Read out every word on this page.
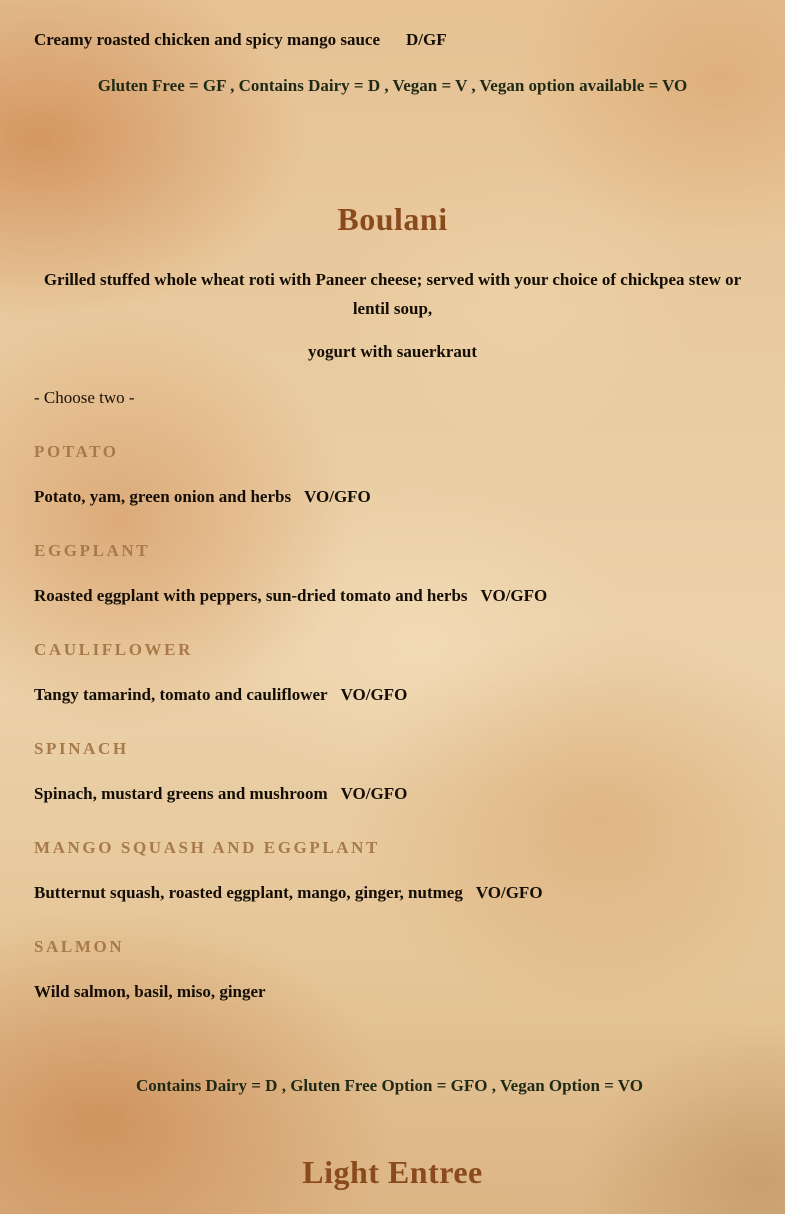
Creamy roasted chicken and spicy mango sauce D/GF

Gluten Free = GF , Contains Dairy = D , Vegan = V , Vegan option available = VO

Boulani

Grilled stuffed whole wheat roti with Paneer cheese; served with your choice of chickpea stew or lentil soup,

yogurt with sauerkraut

- Choose two -

POTATO

Potato, yam, green onion and herbs VO/GFO

EGGPLANT

Roasted eggplant with peppers, sun-dried tomato and herbs VO/GFO

CAULIFLOWER

Tangy tamarind, tomato and cauliflower VO/GFO

SPINACH

Spinach, mustard greens and mushroom VO/GFO

MANGO SQUASH AND EGGPLANT

Butternut squash, roasted eggplant, mango, ginger, nutmeg VO/GFO

SALMON

Wild salmon, basil, miso, ginger

Contains Dairy = D , Gluten Free Option = GFO , Vegan Option = VO

Light Entree
